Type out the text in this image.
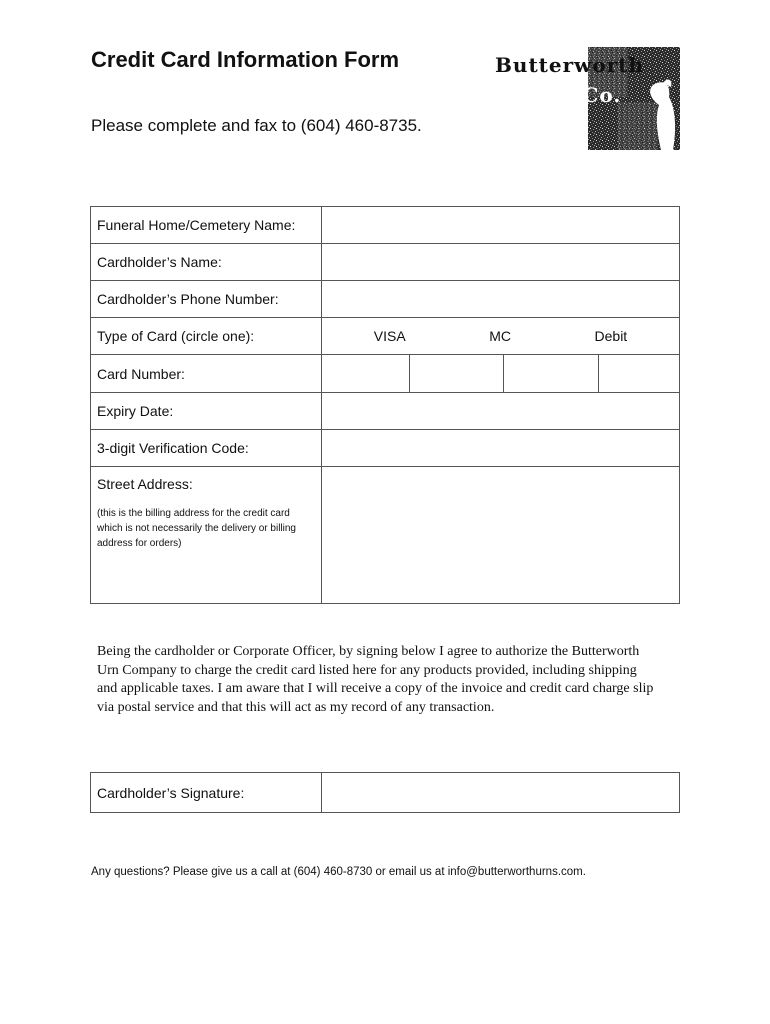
Credit Card Information Form
Please complete and fax to (604) 460-8735.
Butterworth
Urn Co.
Funeral Home/Cemetery Name:	
Cardholder’s Name:	
Cardholder’s Phone Number:	
Type of Card (circle one):	VISA MC Debit

Card Number:	

Expiry Date:	
3-digit Verification Code:	

Street Address:
(this is the billing address for the credit card which is not necessarily the delivery or billing address for orders)	

Being the cardholder or Corporate Officer, by signing below I agree to authorize the Butterworth Urn Company to charge the credit card listed here for any products provided, including shipping and applicable taxes. I am aware that I will receive a copy of the invoice and credit card charge slip via postal service and that this will act as my record of any transaction.
Cardholder’s Signature:	
Any questions? Please give us a call at (604) 460-8730 or email us at info@butterworthurns.com.
